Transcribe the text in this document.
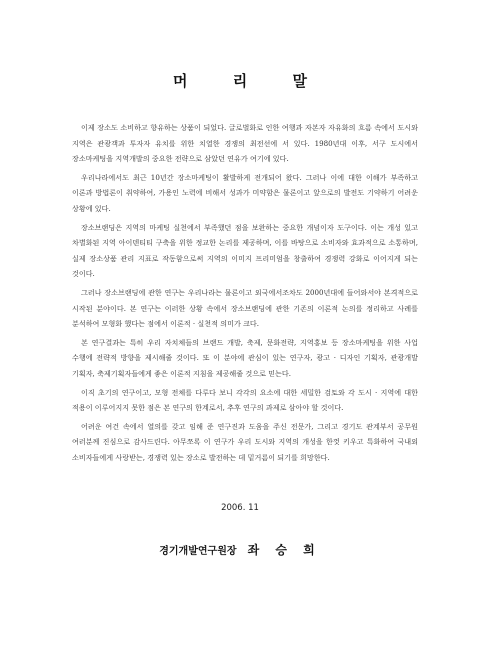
머 리 말

이제 장소도 소비하고 향유하는 상품이 되었다. 글로벌화로 인한 여행과 자본자 자유화의 흐름 속에서 도시와 지역은 관광객과 투자자 유치를 위한 치열한 경쟁의 최전선에 서 있다. 1980년대 이후, 서구 도시에서 장소마케팅을 지역개발의 중요한 전략으로 삼았던 연유가 여기에 있다.

우리나라에서도 최근 10년간 장소마케팅이 활발하게 전개되어 왔다. 그러나 이에 대한 이해가 부족하고 이론과 방법론이 취약하여, 가용인 노력에 비해서 성과가 미약함은 물론이고 앞으로의 발전도 기약하기 어려운 상황에 있다.

장소브랜딩은 지역의 마케팅 실천에서 부족했던 점을 보완하는 중요한 개념이자 도구이다. 이는 개성 있고 차별화된 지역 아이덴티티 구축을 위한 정교한 논리를 제공하며, 이를 바탕으로 소비자와 효과적으로 소통하며, 실제 장소상품 관리 지표로 작동함으로써 지역의 이미지 프리미엄을 창출하여 경쟁력 강화로 이어지게 되는 것이다.

그러나 장소브랜딩에 관한 연구는 우리나라는 물론이고 외국에서조차도 2000년대에 들어와서야 본격적으로 시작된 분야이다. 본 연구는 이러한 상황 속에서 장소브랜딩에 관한 기존의 이론적 논의를 정리하고 사례를 분석하여 모형화 했다는 점에서 이론적 · 실천적 의미가 크다.

본 연구결과는 특히 우리 자치체들의 브랜드 개발, 축제, 문화전략, 지역홍보 등 장소마케팅을 위한 사업 수행에 전략적 방향을 제시해줄 것이다. 또 이 분야에 관심이 있는 연구자, 광고 · 디자인 기획자, 관광개발 기획자, 축제기획자들에게 좋은 이론적 지침을 제공해줄 것으로 믿는다.

이직 초기의 연구이고, 모형 전체를 다루다 보니 각각의 요소에 대한 세밀한 검토와 각 도시 · 지역에 대한 적용이 이루어지지 못한 점은 본 연구의 한계로서, 추후 연구의 과제로 삼아야 할 것이다.

어려운 여건 속에서 열의를 갖고 임해 준 연구진과 도움을 주신 전문가, 그리고 경기도 관계부서 공무원 여러분께 진심으로 감사드린다. 아무쪼록 이 연구가 우리 도시와 지역의 개성을 한껏 키우고 특화하여 국내외 소비자들에게 사랑받는, 경쟁력 있는 장소로 발전하는 데 밑거름이 되기를 희망한다.

2006. 11
경기개발연구원장 좌 승 희
